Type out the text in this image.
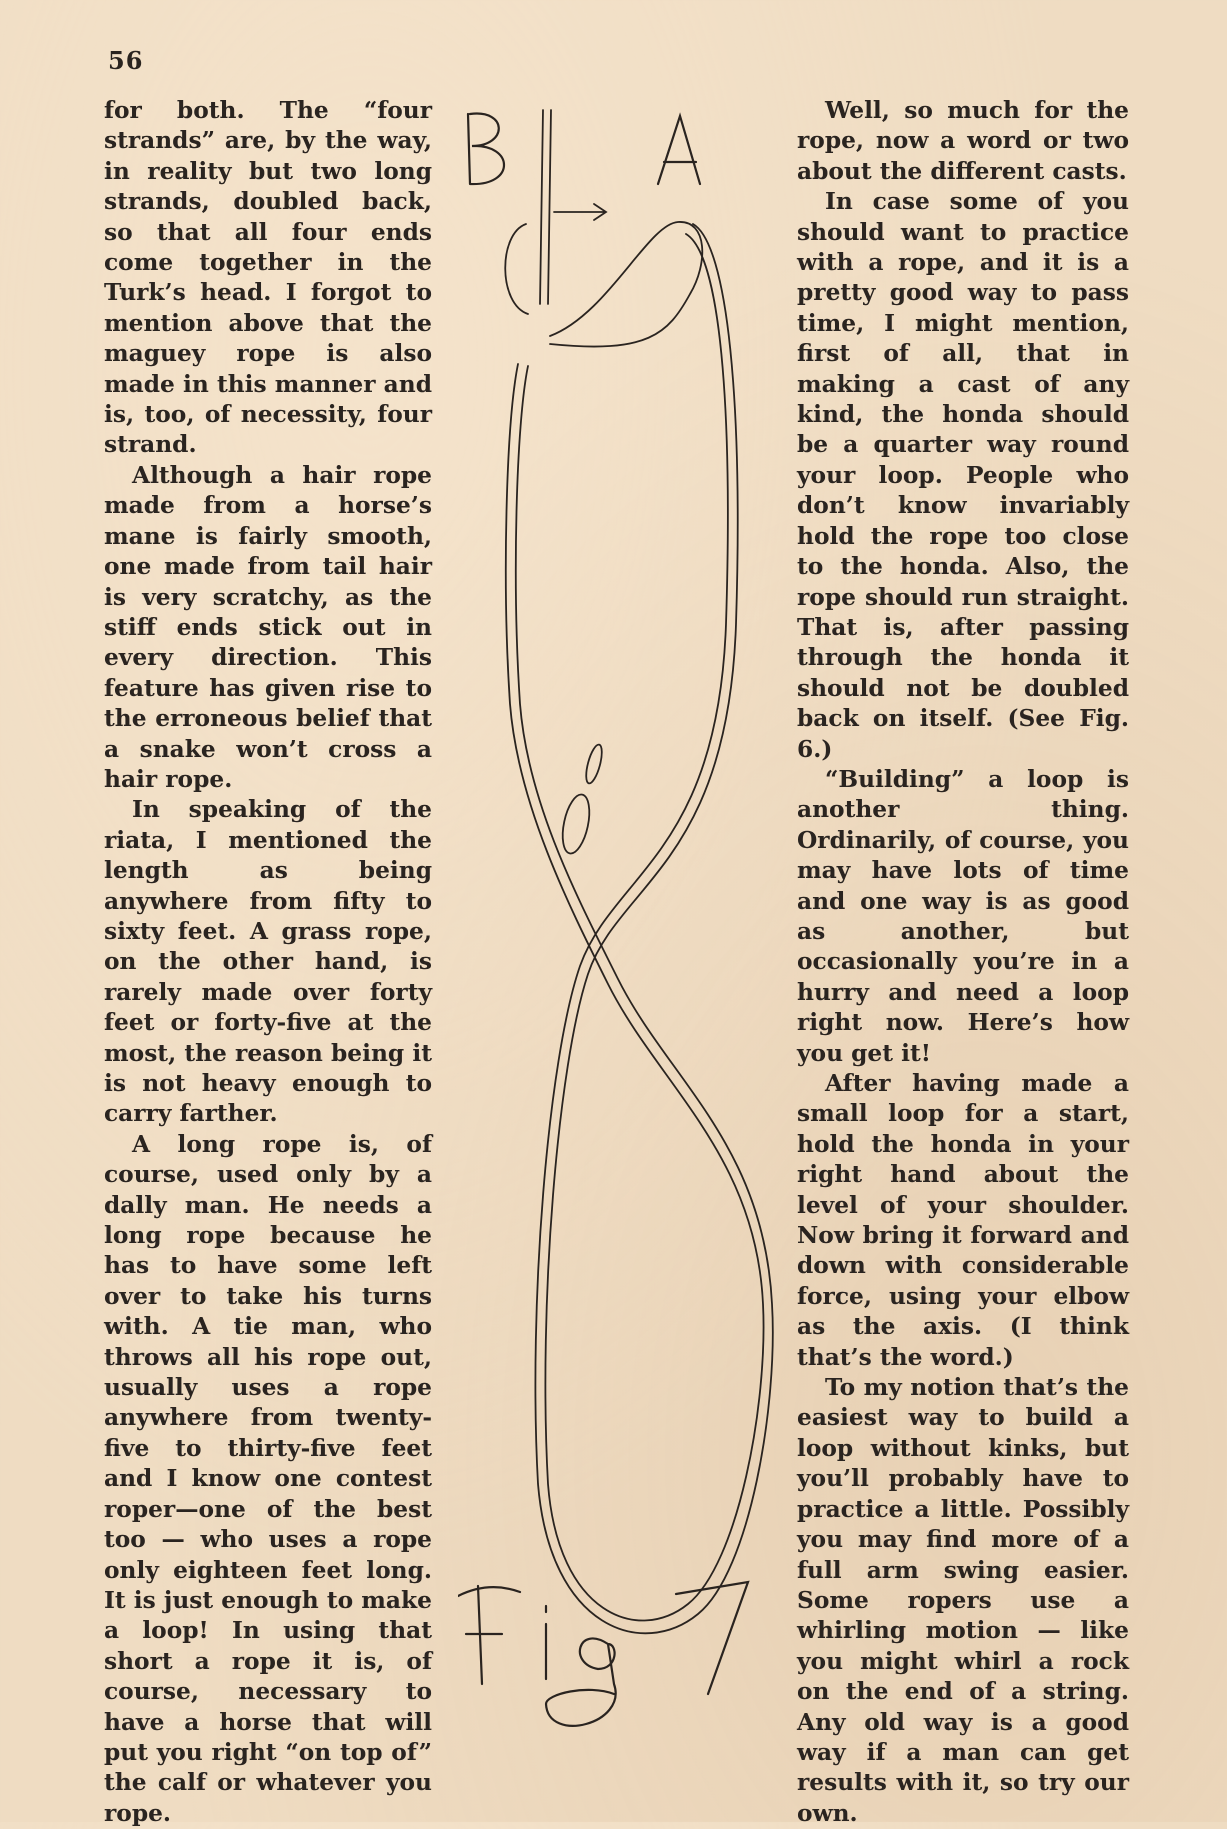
56

for both. The “four strands” are, by the way, in reality but two long strands, doubled back, so that all four ends come together in the Turk’s head. I forgot to mention above that the maguey rope is also made in this manner and is, too, of necessity, four strand.

Although a hair rope made from a horse’s mane is fairly smooth, one made from tail hair is very scratchy, as the stiff ends stick out in every direction. This feature has given rise to the erroneous belief that a snake won’t cross a hair rope.

In speaking of the riata, I mentioned the length as being anywhere from fifty to sixty feet. A grass rope, on the other hand, is rarely made over forty feet or forty-five at the most, the reason being it is not heavy enough to carry farther.

A long rope is, of course, used only by a dally man. He needs a long rope because he has to have some left over to take his turns with. A tie man, who throws all his rope out, usually uses a rope anywhere from twenty-five to thirty-five feet and I know one contest roper—one of the best too — who uses a rope only eighteen feet long. It is just enough to make a loop! In using that short a rope it is, of course, necessary to have a horse that will put you right “on top of” the calf or whatever you rope.

Well, so much for the rope, now a word or two about the different casts.

In case some of you should want to practice with a rope, and it is a pretty good way to pass time, I might mention, first of all, that in making a cast of any kind, the honda should be a quarter way round your loop. People who don’t know invariably hold the rope too close to the honda. Also, the rope should run straight. That is, after passing through the honda it should not be doubled back on itself. (See Fig. 6.)

“Building” a loop is another thing. Ordinarily, of course, you may have lots of time and one way is as good as another, but occasionally you’re in a hurry and need a loop right now. Here’s how you get it!

After having made a small loop for a start, hold the honda in your right hand about the level of your shoulder. Now bring it forward and down with considerable force, using your elbow as the axis. (I think that’s the word.)

To my notion that’s the easiest way to build a loop without kinks, but you’ll probably have to practice a little. Possibly you may find more of a full arm swing easier. Some ropers use a whirling motion — like you might whirl a rock on the end of a string. Any old way is a good way if a man can get results with it, so try our own.
